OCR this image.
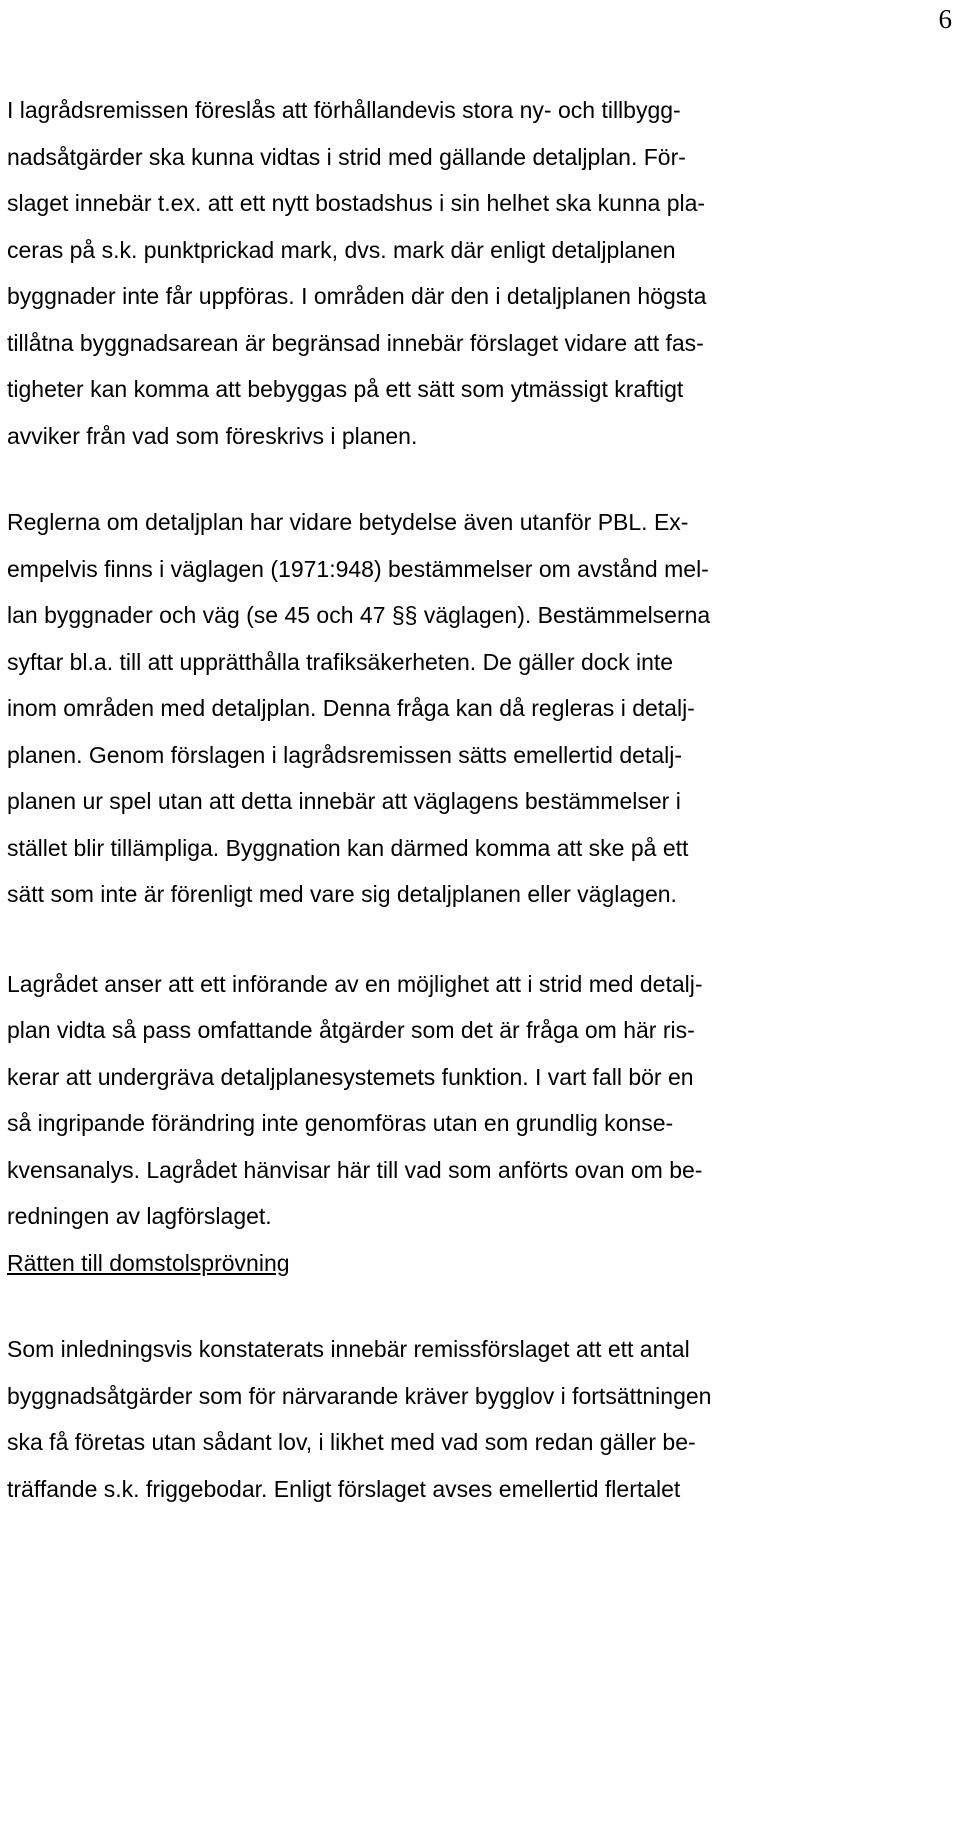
6

I lagrådsremissen föreslås att förhållandevis stora ny- och tillbygg-
nadsåtgärder ska kunna vidtas i strid med gällande detaljplan. För-
slaget innebär t.ex. att ett nytt bostadshus i sin helhet ska kunna pla-
ceras på s.k. punktprickad mark, dvs. mark där enligt detaljplanen
byggnader inte får uppföras. I områden där den i detaljplanen högsta
tillåtna byggnadsarean är begränsad innebär förslaget vidare att fas-
tigheter kan komma att bebyggas på ett sätt som ytmässigt kraftigt
avviker från vad som föreskrivs i planen.

Reglerna om detaljplan har vidare betydelse även utanför PBL. Ex-
empelvis finns i väglagen (1971:948) bestämmelser om avstånd mel-
lan byggnader och väg (se 45 och 47 §§ väglagen). Bestämmelserna
syftar bl.a. till att upprätthålla trafiksäkerheten. De gäller dock inte
inom områden med detaljplan. Denna fråga kan då regleras i detalj-
planen. Genom förslagen i lagrådsremissen sätts emellertid detalj-
planen ur spel utan att detta innebär att väglagens bestämmelser i
stället blir tillämpliga. Byggnation kan därmed komma att ske på ett
sätt som inte är förenligt med vare sig detaljplanen eller väglagen.

Lagrådet anser att ett införande av en möjlighet att i strid med detalj-
plan vidta så pass omfattande åtgärder som det är fråga om här ris-
kerar att undergräva detaljplanesystemets funktion. I vart fall bör en
så ingripande förändring inte genomföras utan en grundlig konse-
kvensanalys. Lagrådet hänvisar här till vad som anförts ovan om be-
redningen av lagförslaget.

Rätten till domstolsprövning

Som inledningsvis konstaterats innebär remissförslaget att ett antal
byggnadsåtgärder som för närvarande kräver bygglov i fortsättningen
ska få företas utan sådant lov, i likhet med vad som redan gäller be-
träffande s.k. friggebodar. Enligt förslaget avses emellertid flertalet
